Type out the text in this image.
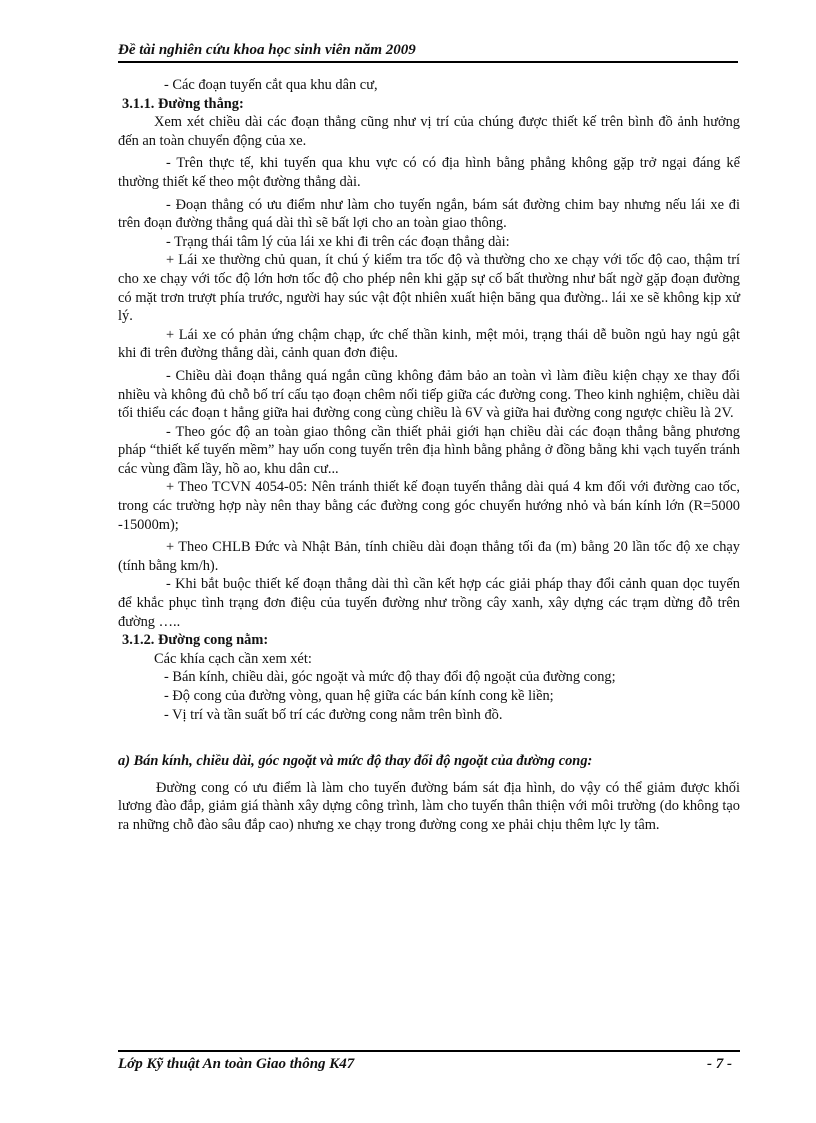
Đề tài nghiên cứu khoa học sinh viên năm 2009

- Các đoạn tuyến cắt qua khu dân cư,

3.1.1. Đường thẳng:

Xem xét chiều dài các đoạn thẳng cũng như vị trí của chúng được thiết kế trên bình đồ ảnh hưởng đến an toàn chuyển động của xe.

- Trên thực tế, khi tuyến qua khu vực có có địa hình bằng phẳng không gặp trở ngại đáng kể thường thiết kế theo một đường thẳng dài.

- Đoạn thẳng có ưu điểm như làm cho tuyến ngắn, bám sát đường chim bay nhưng nếu lái xe đi trên đoạn đường thẳng quá dài thì sẽ bất lợi cho an toàn giao thông.

- Trạng thái tâm lý của lái xe khi đi trên các đoạn thẳng dài:

+ Lái xe thường chủ quan, ít chú ý kiểm tra tốc độ và thường cho xe chạy với tốc độ cao, thậm trí cho xe chạy với tốc độ lớn hơn tốc độ cho phép nên khi gặp sự cố bất thường như bất ngờ gặp đoạn đường có mặt trơn trượt phía trước, người hay súc vật đột nhiên xuất hiện băng qua đường.. lái xe sẽ không kịp xử lý.

+ Lái xe có phản ứng chậm chạp, ức chế thần kinh, mệt mỏi, trạng thái dễ buồn ngủ hay ngủ gật khi đi trên đường thẳng dài, cảnh quan đơn điệu.

- Chiều dài đoạn thẳng quá ngắn cũng không đảm bảo an toàn vì làm điều kiện chạy xe thay đổi nhiều và không đủ chỗ bố trí cấu tạo đoạn chêm nối tiếp giữa các đường cong. Theo kinh nghiệm, chiều dài tối thiểu các đoạn t hẳng giữa hai đường cong cùng chiều là 6V và giữa hai đường cong ngược chiều là 2V.

- Theo góc độ an toàn giao thông cần thiết phải giới hạn chiều dài các đoạn thẳng bằng phương pháp “thiết kế tuyến mềm” hay uốn cong tuyến trên địa hình bằng phẳng ở đồng bằng khi vạch tuyến tránh các vùng đầm lầy, hồ ao, khu dân cư...

+ Theo TCVN 4054-05: Nên tránh thiết kế đoạn tuyến thẳng dài quá 4 km đối với đường cao tốc, trong các trường hợp này nên thay bằng các đường cong góc chuyển hướng nhỏ và bán kính lớn (R=5000 -15000m);

+ Theo CHLB Đức và Nhật Bản, tính chiều dài đoạn thẳng tối đa (m) bằng 20 lần tốc độ xe chạy (tính bằng km/h).

- Khi bắt buộc thiết kế đoạn thẳng dài thì cần kết hợp các giải pháp thay đổi cảnh quan dọc tuyến để khắc phục tình trạng đơn điệu của tuyến đường như trồng cây xanh, xây dựng các trạm dừng đỗ trên đường …..

3.1.2. Đường cong nằm:

Các khía cạch cần xem xét:

- Bán kính, chiều dài, góc ngoặt và mức độ thay đổi độ ngoặt của đường cong;

- Độ cong của đường vòng, quan hệ giữa các bán kính cong kề liền;

- Vị trí và tần suất bố trí các đường cong nằm trên bình đồ.

a) Bán kính, chiều dài, góc ngoặt và mức độ thay đổi độ ngoặt của đường cong:

Đường cong có ưu điểm là làm cho tuyến đường bám sát địa hình, do vậy có thể giảm được khối lương đào đắp, giảm giá thành xây dựng công trình, làm cho tuyến thân thiện với môi trường (do không tạo ra những chỗ đào sâu đắp cao) nhưng xe chạy trong đường cong xe phải chịu thêm lực ly tâm.

Lớp Kỹ thuật An toàn Giao thông K47	- 7 -
